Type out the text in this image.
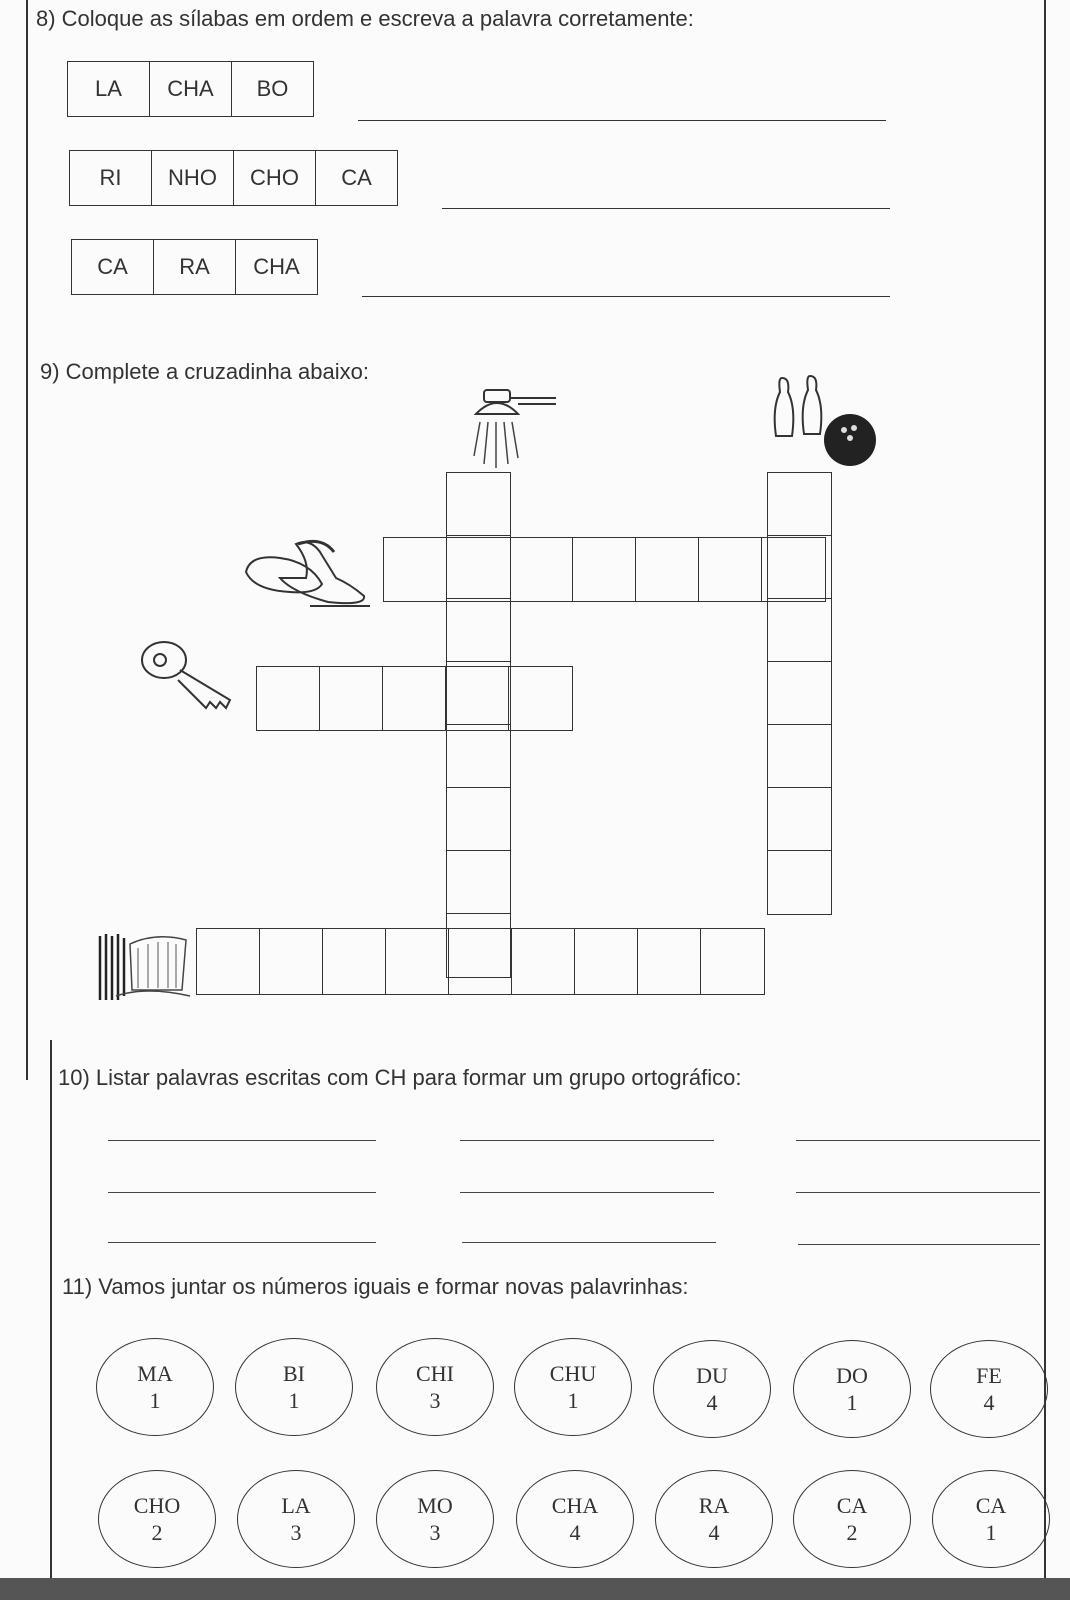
8) Coloque as sílabas em ordem e escreva a palavra corretamente:
LA	CHA	BO
RI	NHO	CHO	CA
CA	RA	CHA
9) Complete a cruzadinha abaixo:
10) Listar palavras escritas com CH para formar um grupo ortográfico:
11) Vamos juntar os números iguais e formar novas palavrinhas:
MA
1
BI
1
CHI
3
CHU
1
DU
4
DO
1
FE
4
CHO
2
LA
3
MO
3
CHA
4
RA
4
CA
2
CA
1
